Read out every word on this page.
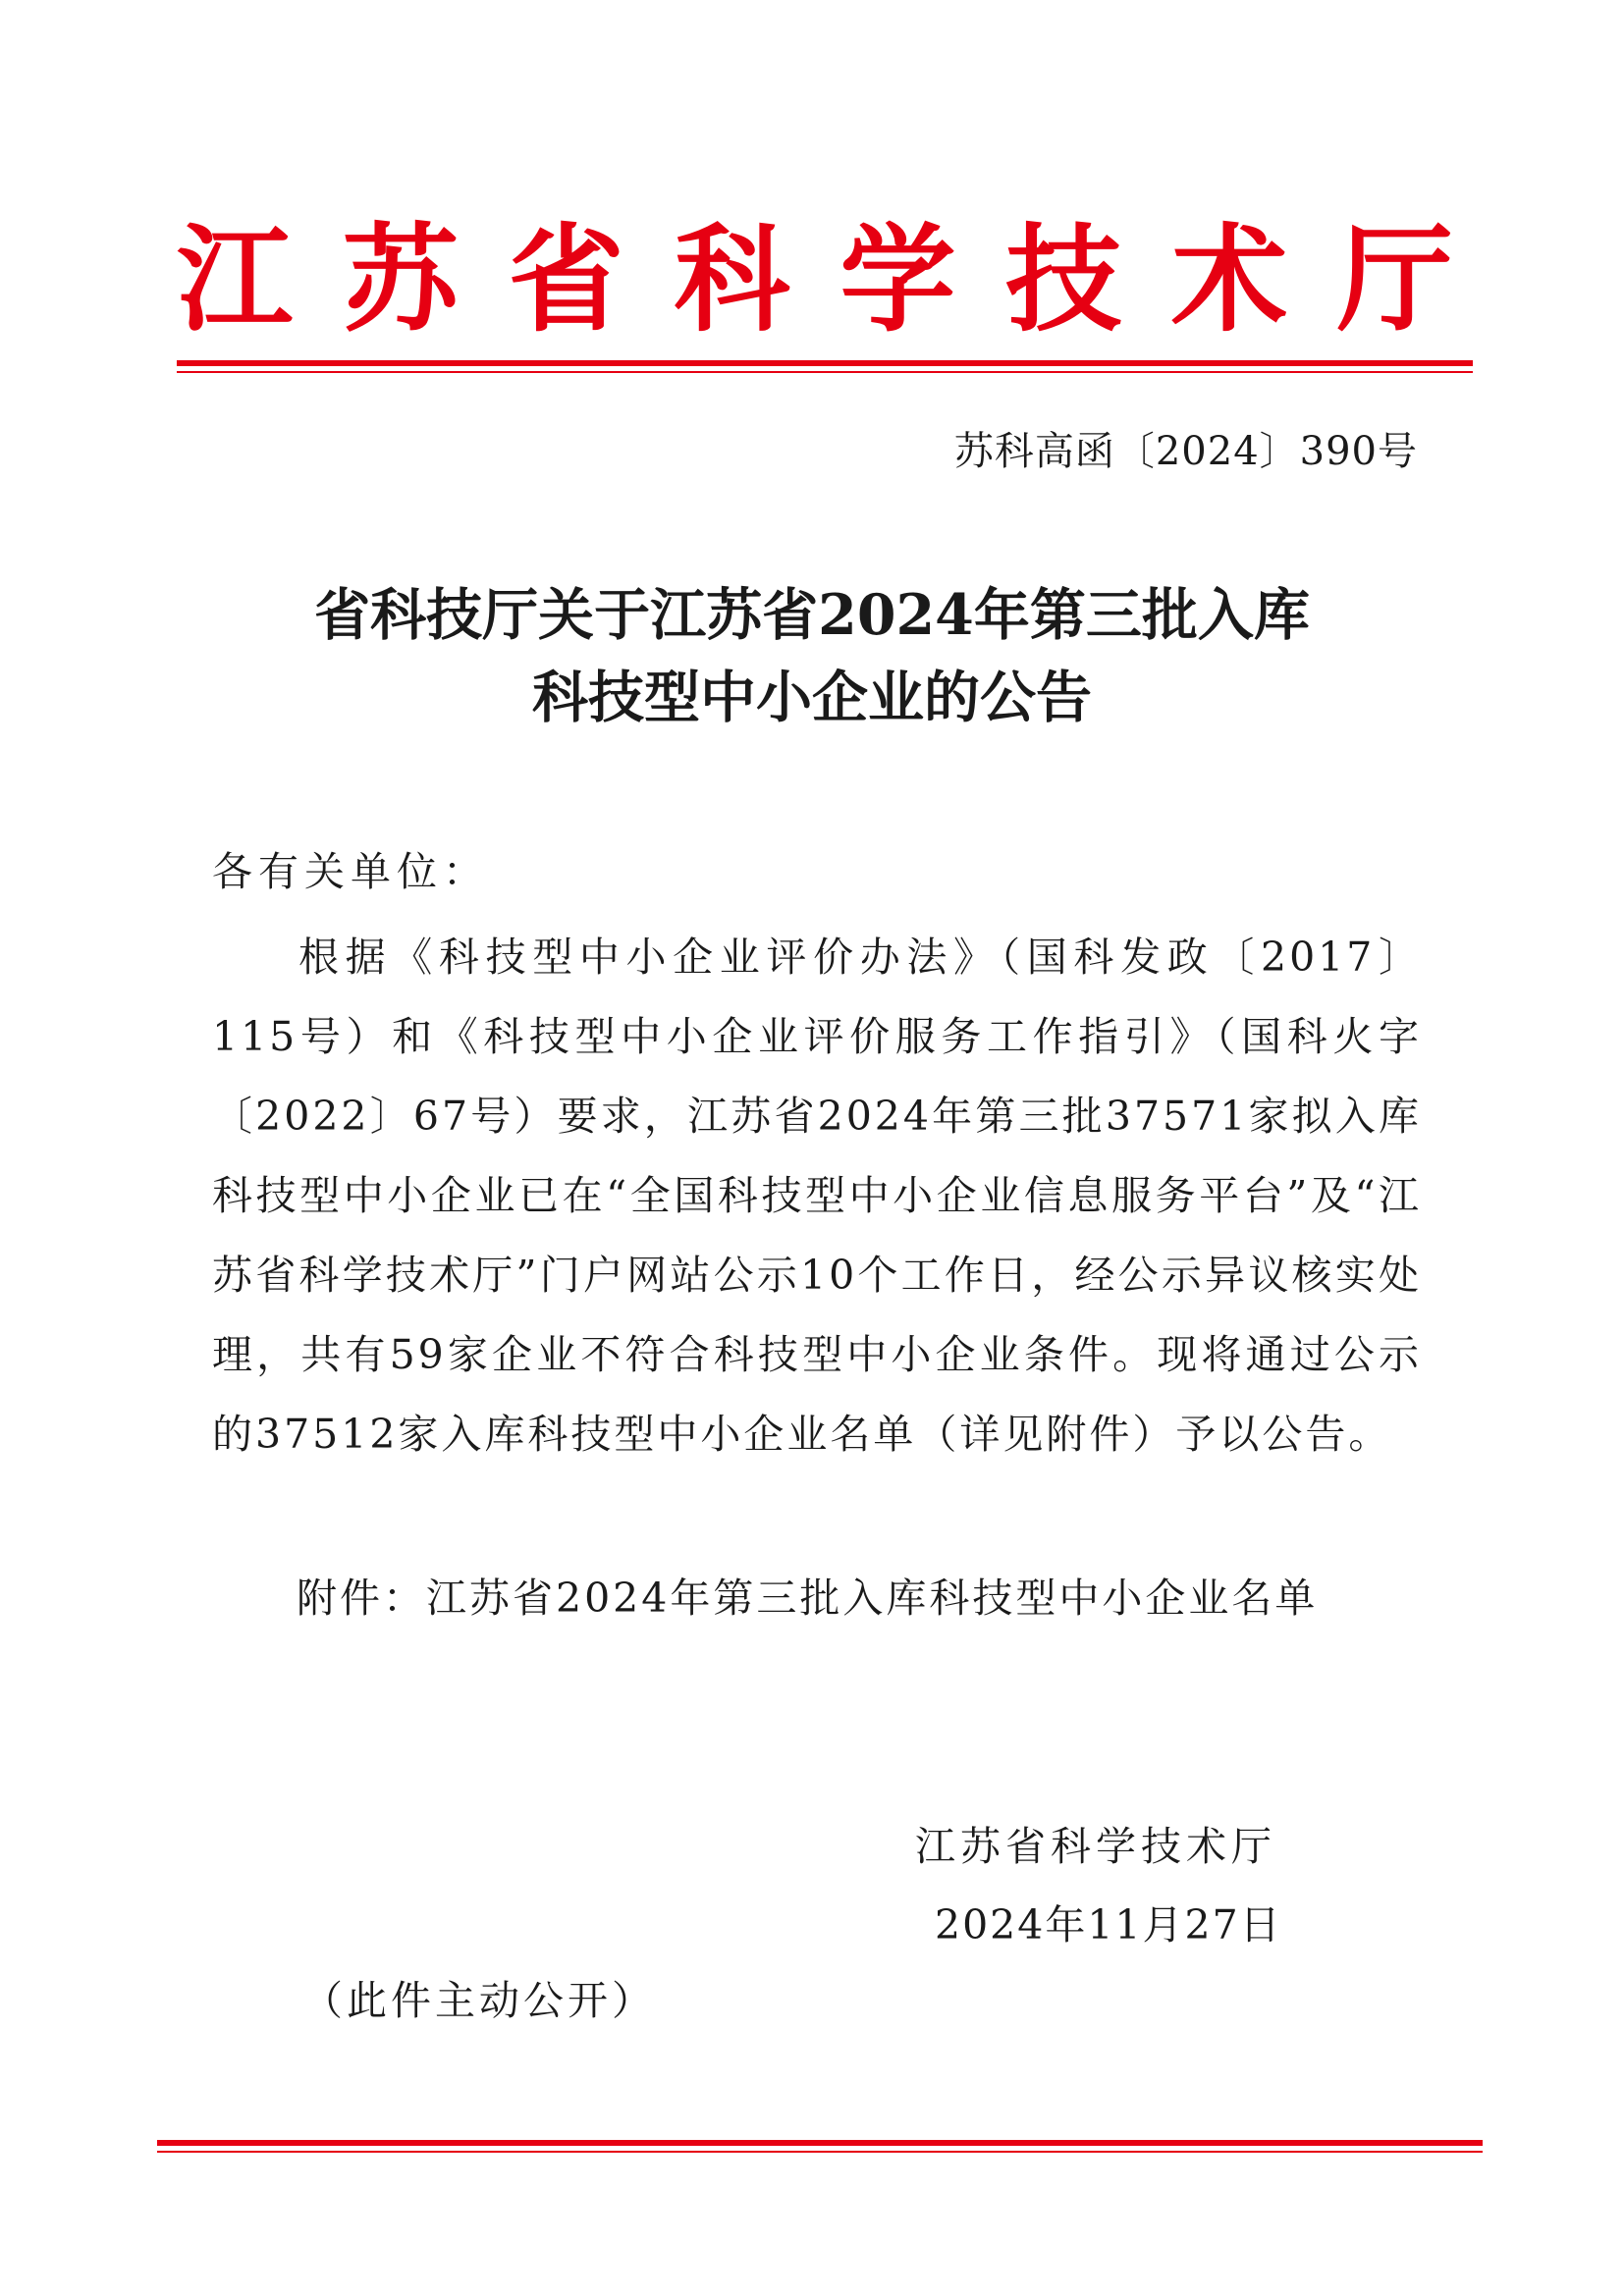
江 苏 省 科 学 技 术 厅
苏科高函〔2024〕390号
省科技厅关于江苏省2024年第三批入库
科技型中小企业的公告
各有关单位：
根据《科技型中小企业评价办法》（国科发政〔2017〕115号）和《科技型中小企业评价服务工作指引》（国科火字〔2022〕67号）要求，江苏省2024年第三批37571家拟入库科技型中小企业已在“全国科技型中小企业信息服务平台”及“江苏省科学技术厅”门户网站公示10个工作日，经公示异议核实处理，共有59家企业不符合科技型中小企业条件。现将通过公示的37512家入库科技型中小企业名单（详见附件）予以公告。
附件：江苏省2024年第三批入库科技型中小企业名单
江苏省科学技术厅
2024年11月27日
（此件主动公开）
